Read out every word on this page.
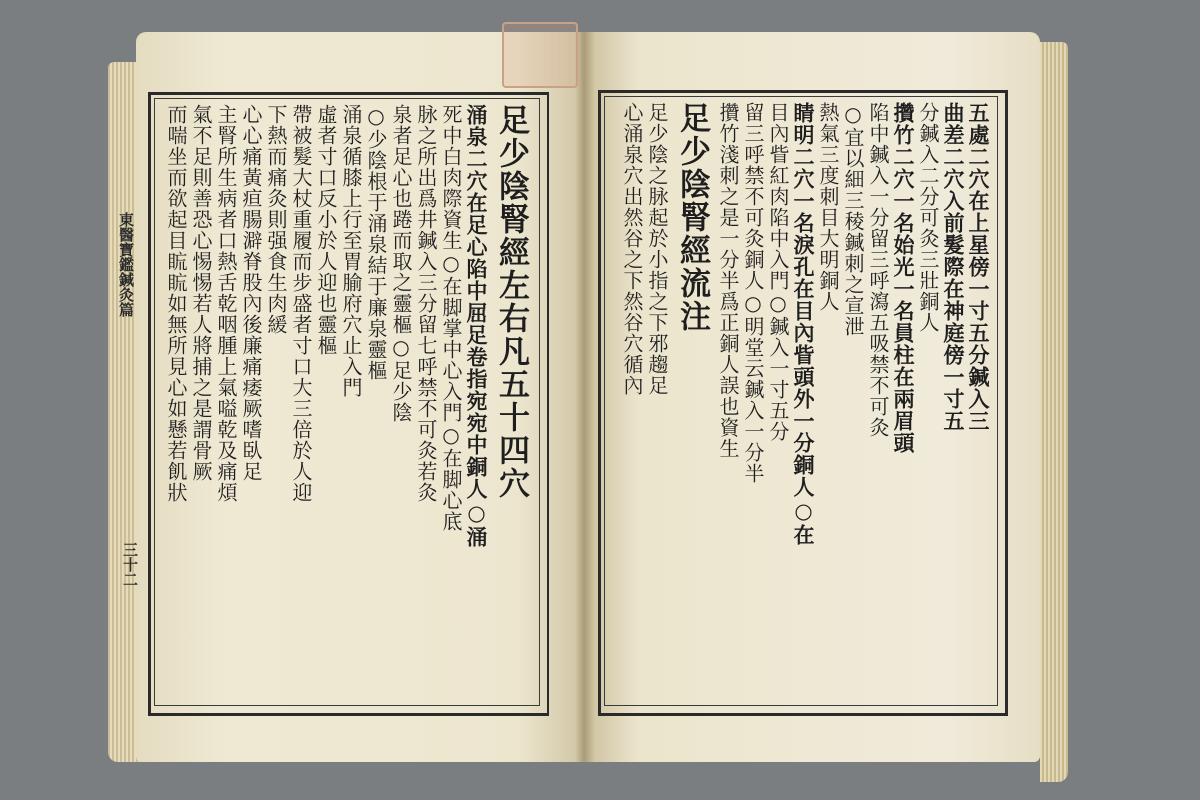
東醫寶鑑鍼灸篇
三十二
足少陰腎經左右凡五十四穴
涌泉二穴在足心陷中屈足卷指宛宛中銅人○涌
死中白肉際資生○在脚掌中心入門○在脚心底
脉之所出爲井鍼入三分留七呼禁不可灸若灸
泉者足心也踡而取之靈樞○足少陰
○少陰根于涌泉結于廉泉靈樞
涌泉循膝上行至胃腧府穴止入門
虛者寸口反小於人迎也靈樞
帶被髮大杖重履而步盛者寸口大三倍於人迎
下熱而痛灸則强食生肉緩
心心痛黃疸腸澼脊股內後廉痛痿厥嗜臥足
主腎所生病者口熱舌乾咽腫上氣嗌乾及痛煩
氣不足則善恐心惕惕若人將捕之是謂骨厥
而喘坐而欲起目䀮䀮如無所見心如懸若飢狀	五處二穴在上星傍一寸五分鍼入三
曲差二穴入前髮際在神庭傍一寸五
分鍼入二分可灸三壯銅人
攢竹二穴一名始光一名員柱在兩眉頭
陷中鍼入一分留三呼瀉五吸禁不可灸
○宜以細三稜鍼刺之宣泄
熱氣三度刺目大明銅人
睛明二穴一名淚孔在目內眥頭外一分銅人○在
目內眥紅肉陷中入門○鍼入一寸五分
留三呼禁不可灸銅人○明堂云鍼入一分半
攢竹淺刺之是一分半爲正銅人誤也資生
足少陰腎經流注
足少陰之脉起於小指之下邪趨足
心涌泉穴出然谷之下然谷穴循內
